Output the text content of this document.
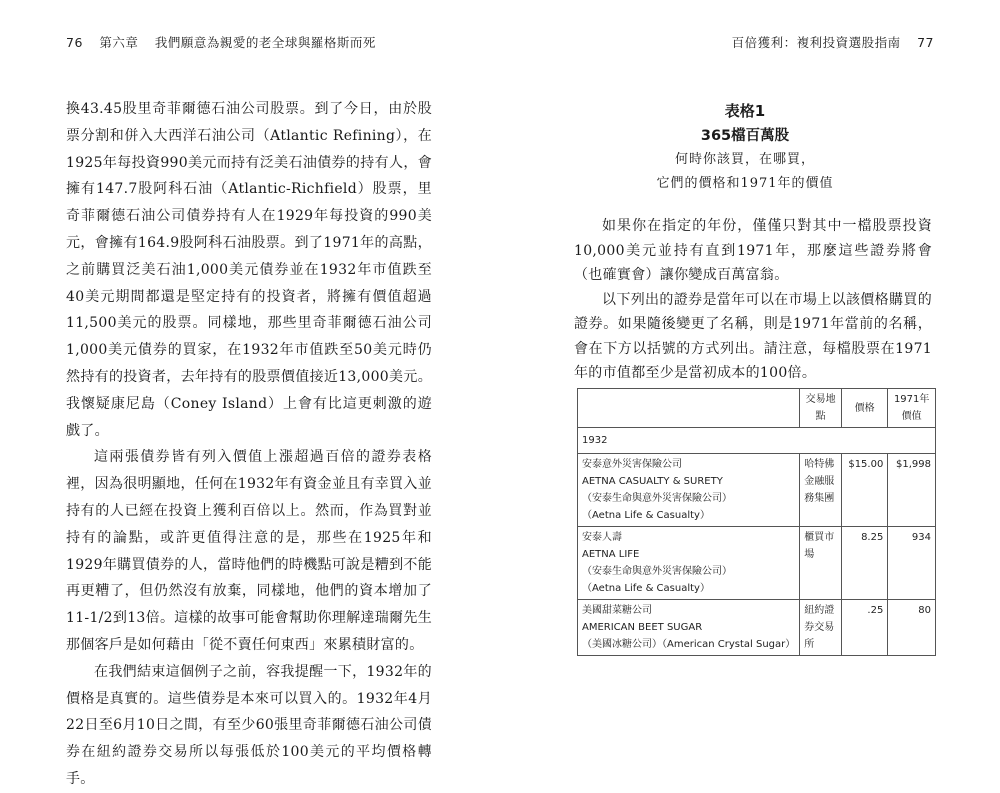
76 第六章 我們願意為親愛的老全球與羅格斯而死

換43.45股里奇菲爾德石油公司股票。到了今日，由於股票分割和併入大西洋石油公司（Atlantic Refining），在1925年每投資990美元而持有泛美石油債券的持有人，會擁有147.7股阿科石油（Atlantic-Richfield）股票，里奇菲爾德石油公司債券持有人在1929年每投資的990美元，會擁有164.9股阿科石油股票。到了1971年的高點，之前購買泛美石油1,000美元債券並在1932年市值跌至40美元期間都還是堅定持有的投資者，將擁有價值超過11,500美元的股票。同樣地，那些里奇菲爾德石油公司1,000美元債券的買家，在1932年市值跌至50美元時仍然持有的投資者，去年持有的股票價值接近13,000美元。我懷疑康尼島（Coney Island）上會有比這更刺激的遊戲了。

這兩張債券皆有列入價值上漲超過百倍的證券表格裡，因為很明顯地，任何在1932年有資金並且有幸買入並持有的人已經在投資上獲利百倍以上。然而，作為買對並持有的論點，或許更值得注意的是，那些在1925年和1929年購買債券的人，當時他們的時機點可說是糟到不能再更糟了，但仍然沒有放棄，同樣地，他們的資本增加了11-1/2到13倍。這樣的故事可能會幫助你理解達瑞爾先生那個客戶是如何藉由「從不賣任何東西」來累積財富的。

在我們結束這個例子之前，容我提醒一下，1932年的價格是真實的。這些債券是本來可以買入的。1932年4月22日至6月10日之間，有至少60張里奇菲爾德石油公司債券在紐約證券交易所以每張低於100美元的平均價格轉手。

百倍獲利：複利投資選股指南 77
表格1
365檔百萬股
何時你該買，在哪買，
它們的價格和1971年的價值

如果你在指定的年份，僅僅只對其中一檔股票投資10,000美元並持有直到1971年，那麼這些證券將會（也確實會）讓你變成百萬富翁。

以下列出的證券是當年可以在市場上以該價格購買的證券。如果隨後變更了名稱，則是1971年當前的名稱，會在下方以括號的方式列出。請注意，每檔股票在1971年的市值都至少是當初成本的100倍。

	交易地點	價格	1971年
價值

1932			

安泰意外災害保險公司
AETNA CASUALTY & SURETY
（安泰生命與意外災害保險公司）
（Aetna Life & Casualty）	哈特佛金融服務集團	$15.00	$1,998

安泰人壽
AETNA LIFE
（安泰生命與意外災害保險公司）
（Aetna Life & Casualty）	櫃買市場	8.25	934

美國甜菜糖公司
AMERICAN BEET SUGAR
（美國冰糖公司）（American Crystal Sugar）	紐約證券交易所	.25	80
